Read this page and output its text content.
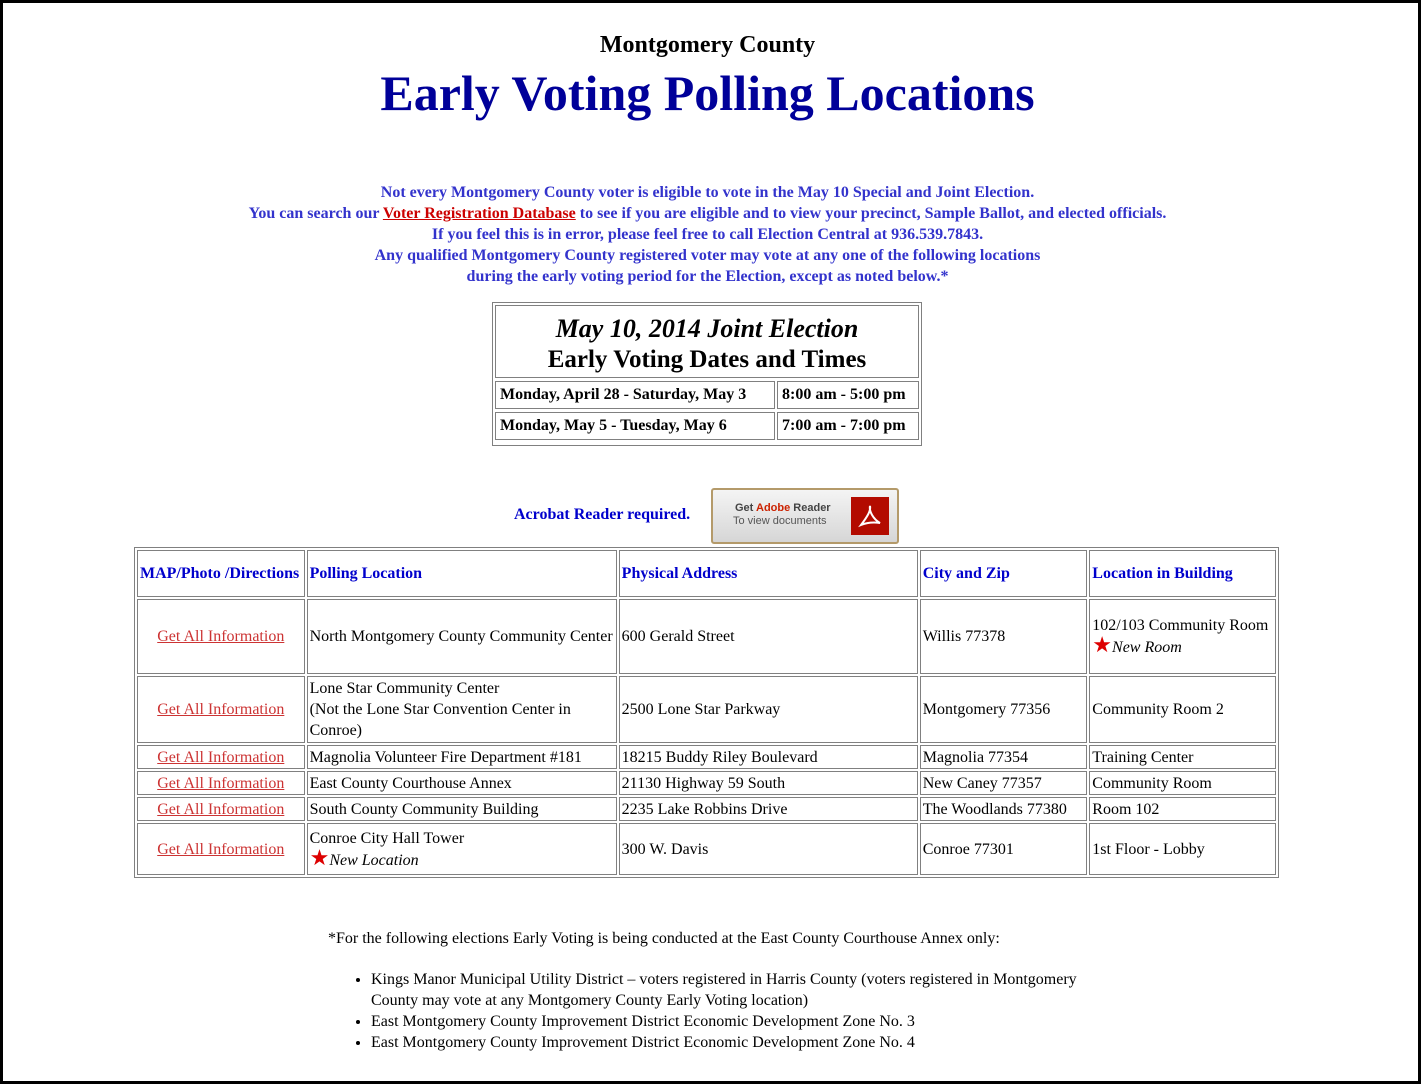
Montgomery County
Early Voting Polling Locations
Not every Montgomery County voter is eligible to vote in the May 10 Special and Joint Election.
You can search our Voter Registration Database to see if you are eligible and to view your precinct, Sample Ballot, and elected officials.
If you feel this is in error, please feel free to call Election Central at 936.539.7843.
Any qualified Montgomery County registered voter may vote at any one of the following locations
during the early voting period for the Election, except as noted below.*
May 10, 2014 Joint Election
Early Voting Dates and Times
Monday, April 28 - Saturday, May 3	8:00 am - 5:00 pm
Monday, May 5 - Tuesday, May 6	7:00 am - 7:00 pm
Acrobat Reader required.	Get Adobe Reader
To view documents
MAP/Photo /Directions	Polling Location	Physical Address	City and Zip	Location in Building
Get All Information	North Montgomery County Community Center	600 Gerald Street	Willis 77378	102/103 Community Room
★New Room

Get All Information	Lone Star Community Center
(Not the Lone Star Convention Center in Conroe)	2500 Lone Star Parkway	Montgomery 77356	Community Room 2
Get All Information	Magnolia Volunteer Fire Department #181	18215 Buddy Riley Boulevard	Magnolia 77354	Training Center
Get All Information	East County Courthouse Annex	21130 Highway 59 South	New Caney 77357	Community Room
Get All Information	South County Community Building	2235 Lake Robbins Drive	The Woodlands 77380	Room 102
Get All Information	Conroe City Hall Tower
★New Location	300 W. Davis	Conroe 77301	1st Floor - Lobby
*For the following elections Early Voting is being conducted at the East County Courthouse Annex only:
• Kings Manor Municipal Utility District – voters registered in Harris County (voters registered in Montgomery County may vote at any Montgomery County Early Voting location)
• East Montgomery County Improvement District Economic Development Zone No. 3
• East Montgomery County Improvement District Economic Development Zone No. 4
